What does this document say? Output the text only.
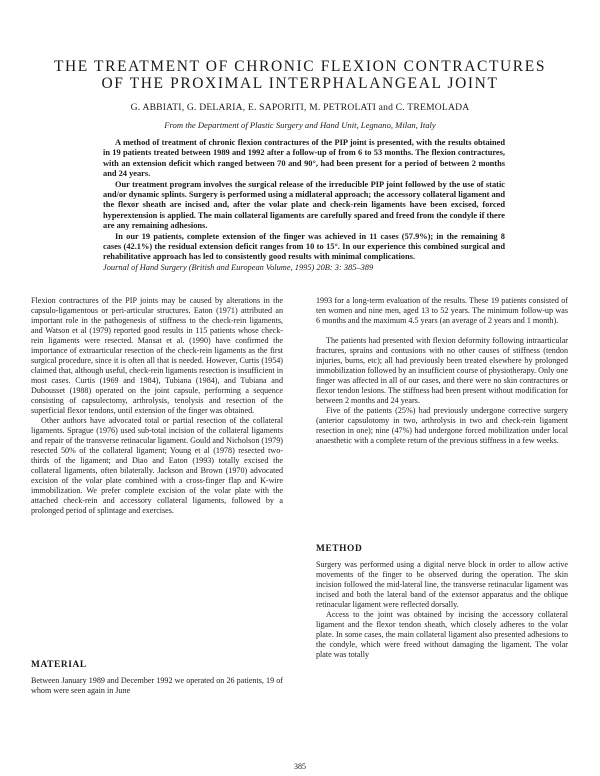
THE TREATMENT OF CHRONIC FLEXION CONTRACTURES
OF THE PROXIMAL INTERPHALANGEAL JOINT
G. ABBIATI, G. DELARIA, E. SAPORITI, M. PETROLATI and C. TREMOLADA
From the Department of Plastic Surgery and Hand Unit, Legnano, Milan, Italy

A method of treatment of chronic flexion contractures of the PIP joint is presented, with the results obtained in 19 patients treated between 1989 and 1992 after a follow-up of from 6 to 53 months. The flexion contractures, with an extension deficit which ranged between 70 and 90°, had been present for a period of between 2 months and 24 years.

Our treatment program involves the surgical release of the irreducible PIP joint followed by the use of static and/or dynamic splints. Surgery is performed using a midlateral approach; the accessory collateral ligament and the flexor sheath are incised and, after the volar plate and check-rein ligaments have been excised, forced hyperextension is applied. The main collateral ligaments are carefully spared and freed from the condyle if there are any remaining adhesions.

In our 19 patients, complete extension of the finger was achieved in 11 cases (57.9%); in the remaining 8 cases (42.1%) the residual extension deficit ranges from 10 to 15°. In our experience this combined surgical and rehabilitative approach has led to consistently good results with minimal complications.

Journal of Hand Surgery (British and European Volume, 1995) 20B: 3: 385–389

Flexion contractures of the PIP joints may be caused by alterations in the capsulo-ligamentous or peri-articular structures. Eaton (1971) attributed an important role in the pathogenesis of stiffness to the check-rein ligaments, and Watson et al (1979) reported good results in 115 patients whose check-rein ligaments were resected. Mansat et al. (1990) have confirmed the importance of extraarticular resection of the check-rein ligaments as the first surgical procedure, since it is often all that is needed. However, Curtis (1954) claimed that, although useful, check-rein ligaments resection is insufficient in most cases. Curtis (1969 and 1984), Tubiana (1984), and Tubiana and Dubousset (1988) operated on the joint capsule, performing a sequence consisting of capsulectomy, arthrolysis, tenolysis and resection of the superficial flexor tendons, until extension of the finger was obtained.

Other authors have advocated total or partial resection of the collateral ligaments. Sprague (1976) used sub-total incision of the collateral ligaments and repair of the transverse retinacular ligament. Gould and Nicholson (1979) resected 50% of the collateral ligament; Young et al (1978) resected two-thirds of the ligament; and Diao and Eaton (1993) totally excised the collateral ligaments, often bilaterally. Jackson and Brown (1970) advocated excision of the volar plate combined with a cross-finger flap and K-wire immobilization. We prefer complete excision of the volar plate with the attached check-rein and accessory collateral ligaments, followed by a prolonged period of splintage and exercises.

MATERIAL

Between January 1989 and December 1992 we operated on 26 patients, 19 of whom were seen again in June

1993 for a long-term evaluation of the results. These 19 patients consisted of ten women and nine men, aged 13 to 52 years. The minimum follow-up was 6 months and the maximum 4.5 years (an average of 2 years and 1 month).

The patients had presented with flexion deformity following intraarticular fractures, sprains and contusions with no other causes of stiffness (tendon injuries, burns, etc); all had previously been treated elsewhere by prolonged immobilization followed by an insufficient course of physiotherapy. Only one finger was affected in all of our cases, and there were no skin contractures or flexor tendon lesions. The stiffness had been present without modification for between 2 months and 24 years.

Five of the patients (25%) had previously undergone corrective surgery (anterior capsulotomy in two, arthrolysis in two and check-rein ligament resection in one); nine (47%) had undergone forced mobilization under local anaesthetic with a complete return of the previous stiffness in a few weeks.

METHOD

Surgery was performed using a digital nerve block in order to allow active movements of the finger to be observed during the operation. The skin incision followed the mid-lateral line, the transverse retinacular ligament was incised and both the lateral band of the extensor apparatus and the oblique retinacular ligament were reflected dorsally.

Access to the joint was obtained by incising the accessory collateral ligament and the flexor tendon sheath, which closely adheres to the volar plate. In some cases, the main collateral ligament also presented adhesions to the condyle, which were freed without damaging the ligament. The volar plate was totally

385
